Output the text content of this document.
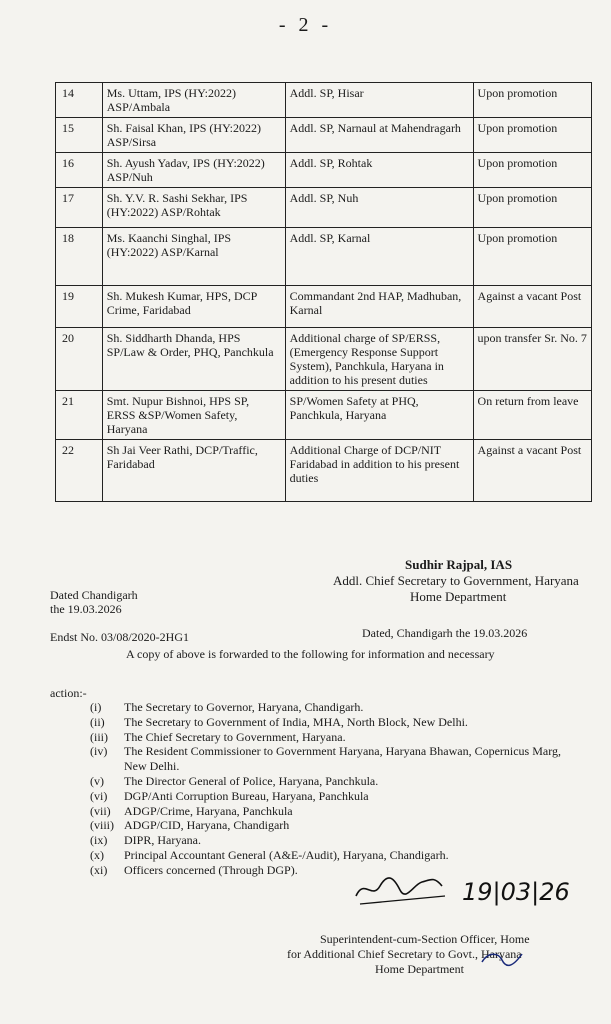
- 2 -
14	Ms. Uttam, IPS (HY:2022) ASP/Ambala	Addl. SP, Hisar	Upon promotion
15	Sh. Faisal Khan, IPS (HY:2022) ASP/Sirsa	Addl. SP, Narnaul at Mahendragarh	Upon promotion
16	Sh. Ayush Yadav, IPS (HY:2022) ASP/Nuh	Addl. SP, Rohtak	Upon promotion
17	Sh. Y.V. R. Sashi Sekhar, IPS (HY:2022) ASP/Rohtak	Addl. SP, Nuh	Upon promotion
18	Ms. Kaanchi Singhal, IPS (HY:2022) ASP/Karnal	Addl. SP, Karnal	Upon promotion
19	Sh. Mukesh Kumar, HPS, DCP Crime, Faridabad	Commandant 2nd HAP, Madhuban, Karnal	Against a vacant Post
20	Sh. Siddharth Dhanda, HPS SP/Law & Order, PHQ, Panchkula	Additional charge of SP/ERSS, (Emergency Response Support System), Panchkula, Haryana in addition to his present duties	upon transfer Sr. No. 7
21	Smt. Nupur Bishnoi, HPS SP, ERSS &SP/Women Safety, Haryana	SP/Women Safety at PHQ, Panchkula, Haryana	On return from leave
22	Sh Jai Veer Rathi, DCP/Traffic, Faridabad	Additional Charge of DCP/NIT Faridabad in addition to his present duties	Against a vacant Post
Sudhir Rajpal, IAS
Addl. Chief Secretary to Government, Haryana
Home Department
Dated Chandigarh
the 19.03.2026
Endst No. 03/08/2020-2HG1	Dated, Chandigarh the 19.03.2026
A copy of above is forwarded to the following for information and necessary
action:-
(i)	The Secretary to Governor, Haryana, Chandigarh.
(ii)	The Secretary to Government of India, MHA, North Block, New Delhi.
(iii)	The Chief Secretary to Government, Haryana.
(iv)	The Resident Commissioner to Government Haryana, Haryana Bhawan, Copernicus Marg, New Delhi.
(v)	The Director General of Police, Haryana, Panchkula.
(vi)	DGP/Anti Corruption Bureau, Haryana, Panchkula
(vii)	ADGP/Crime, Haryana, Panchkula
(viii) ADGP/CID, Haryana, Chandigarh
(ix)	DIPR, Haryana.
(x)	Principal Accountant General (A&E-/Audit), Haryana, Chandigarh.
(xi)	Officers concerned (Through DGP).
19|03|26
Superintendent-cum-Section Officer, Home
for Additional Chief Secretary to Govt., Haryana
Home Department
